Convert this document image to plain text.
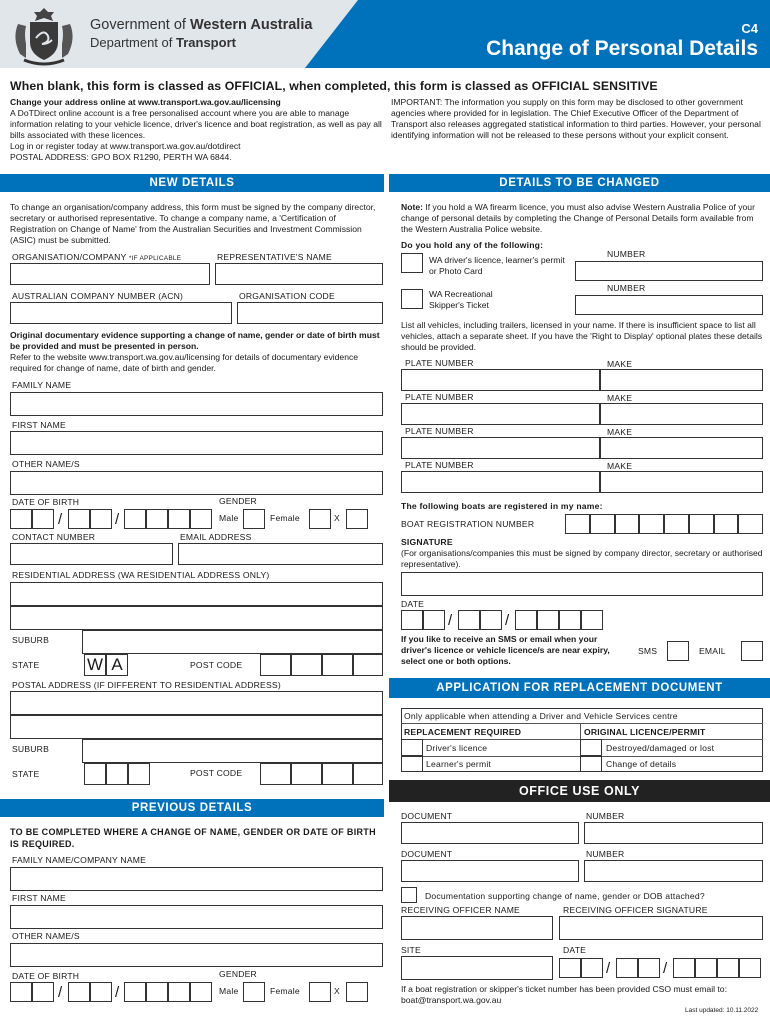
Government of Western Australia
Department of Transport
C4
Change of Personal Details
When blank, this form is classed as OFFICIAL, when completed, this form is classed as OFFICIAL SENSITIVE
Change your address online at www.transport.wa.gov.au/licensing
A DoTDirect online account is a free personalised account where you are able to manage information relating to your vehicle licence, driver's licence and boat registration, as well as pay all bills associated with these licences.
Log in or register today at www.transport.wa.gov.au/dotdirect
POSTAL ADDRESS: GPO BOX R1290, PERTH WA 6844.
IMPORTANT: The information you supply on this form may be disclosed to other government agencies where provided for in legislation. The Chief Executive Officer of the Department of Transport also releases aggregated statistical information to third parties. However, your personal identifying information will not be released to these persons without your explicit consent.
NEW DETAILS
To change an organisation/company address, this form must be signed by the company director, secretary or authorised representative. To change a company name, a 'Certification of Registration on Change of Name' from the Australian Securities and Investment Commission (ASIC) must be submitted.
ORGANISATION/COMPANY *IF APPLICABLE	REPRESENTATIVE'S NAME
AUSTRALIAN COMPANY NUMBER (ACN)	ORGANISATION CODE
Original documentary evidence supporting a change of name, gender or date of birth must be provided and must be presented in person.
Refer to the website www.transport.wa.gov.au/licensing for details of documentary evidence required for change of name, date of birth and gender.
FAMILY NAME
FIRST NAME
OTHER NAME/S
DATE OF BIRTH	GENDER
/	/	Male	Female	X
CONTACT NUMBER	EMAIL ADDRESS
RESIDENTIAL ADDRESS (WA RESIDENTIAL ADDRESS ONLY)
SUBURB
STATE	W A	POST CODE
POSTAL ADDRESS (IF DIFFERENT TO RESIDENTIAL ADDRESS)
SUBURB
STATE	POST CODE
PREVIOUS DETAILS
TO BE COMPLETED WHERE A CHANGE OF NAME, GENDER OR DATE OF BIRTH IS REQUIRED.
FAMILY NAME/COMPANY NAME
FIRST NAME
OTHER NAME/S
DATE OF BIRTH	GENDER
/	/	Male	Female	X
DETAILS TO BE CHANGED
Note: If you hold a WA firearm licence, you must also advise Western Australia Police of your change of personal details by completing the Change of Personal Details form available from the Western Australia Police website.
Do you hold any of the following:
NUMBER
WA driver's licence, learner's permit or Photo Card
NUMBER
WA Recreational Skipper's Ticket
List all vehicles, including trailers, licensed in your name. If there is insufficient space to list all vehicles, attach a separate sheet. If you have the 'Right to Display' optional plates these details should be provided.
PLATE NUMBER	MAKE
PLATE NUMBER	MAKE
PLATE NUMBER	MAKE
PLATE NUMBER	MAKE
The following boats are registered in my name:
BOAT REGISTRATION NUMBER
SIGNATURE
(For organisations/companies this must be signed by company director, secretary or authorised representative).
DATE
/	/
If you like to receive an SMS or email when your driver's licence or vehicle licence/s are near expiry, select one or both options.
SMS	EMAIL
APPLICATION FOR REPLACEMENT DOCUMENT
Only applicable when attending a Driver and Vehicle Services centre
REPLACEMENT REQUIRED	ORIGINAL LICENCE/PERMIT
Driver's licence	Destroyed/damaged or lost
Learner's permit	Change of details
OFFICE USE ONLY
DOCUMENT	NUMBER
DOCUMENT	NUMBER
Documentation supporting change of name, gender or DOB attached?
RECEIVING OFFICER NAME	RECEIVING OFFICER SIGNATURE
SITE	DATE
/	/
If a boat registration or skipper's ticket number has been provided CSO must email to: boat@transport.wa.gov.au
Last updated: 10.11.2022
